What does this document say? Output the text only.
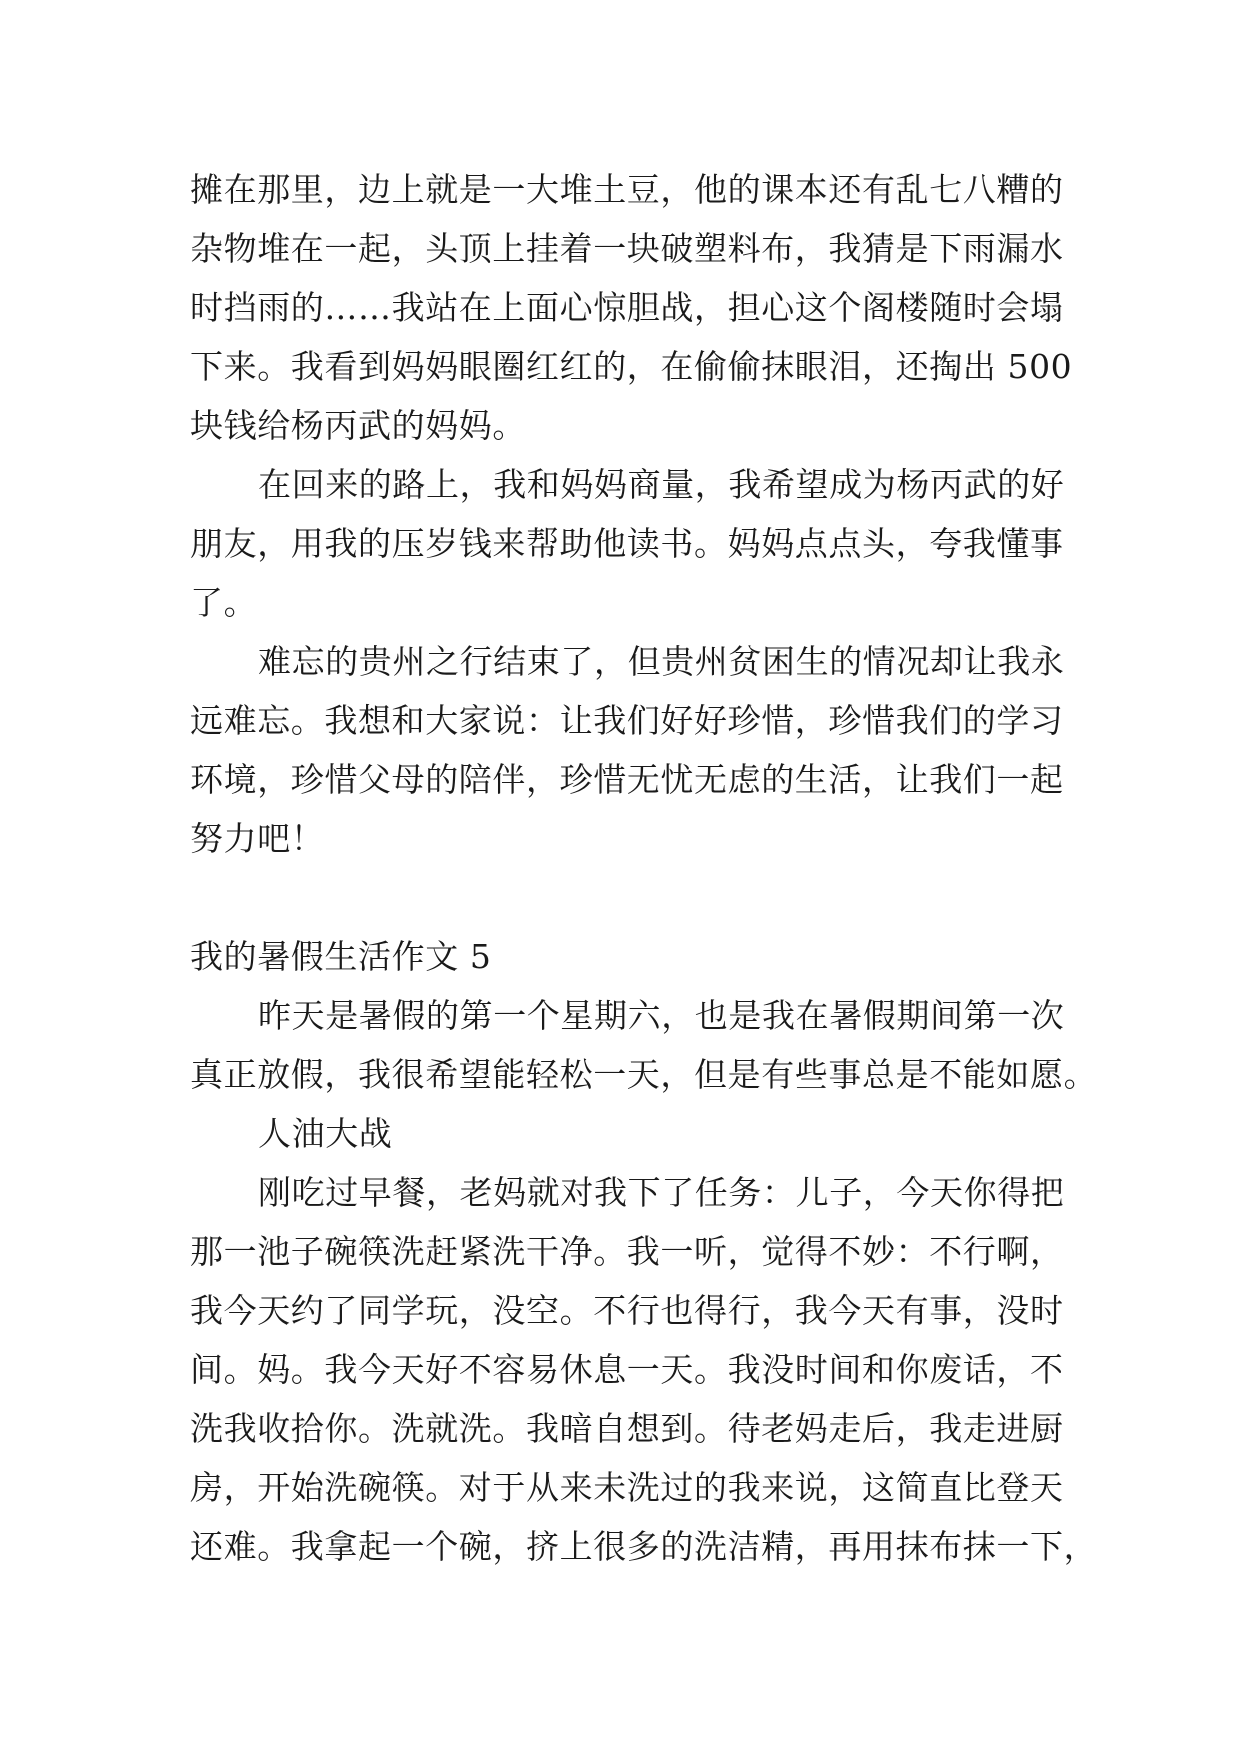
摊在那里，边上就是一大堆土豆，他的课本还有乱七八糟的
杂物堆在一起，头顶上挂着一块破塑料布，我猜是下雨漏水
时挡雨的……我站在上面心惊胆战，担心这个阁楼随时会塌
下来。我看到妈妈眼圈红红的，在偷偷抹眼泪，还掏出 500
块钱给杨丙武的妈妈。
在回来的路上，我和妈妈商量，我希望成为杨丙武的好
朋友，用我的压岁钱来帮助他读书。妈妈点点头，夸我懂事
了。
难忘的贵州之行结束了，但贵州贫困生的情况却让我永
远难忘。我想和大家说：让我们好好珍惜，珍惜我们的学习
环境，珍惜父母的陪伴，珍惜无忧无虑的生活，让我们一起
努力吧！
我的暑假生活作文 5
昨天是暑假的第一个星期六，也是我在暑假期间第一次
真正放假，我很希望能轻松一天，但是有些事总是不能如愿。
人油大战
刚吃过早餐，老妈就对我下了任务：儿子，今天你得把
那一池子碗筷洗赶紧洗干净。我一听，觉得不妙：不行啊，
我今天约了同学玩，没空。不行也得行，我今天有事，没时
间。妈。我今天好不容易休息一天。我没时间和你废话，不
洗我收拾你。洗就洗。我暗自想到。待老妈走后，我走进厨
房，开始洗碗筷。对于从来未洗过的我来说，这简直比登天
还难。我拿起一个碗，挤上很多的洗洁精，再用抹布抹一下，
